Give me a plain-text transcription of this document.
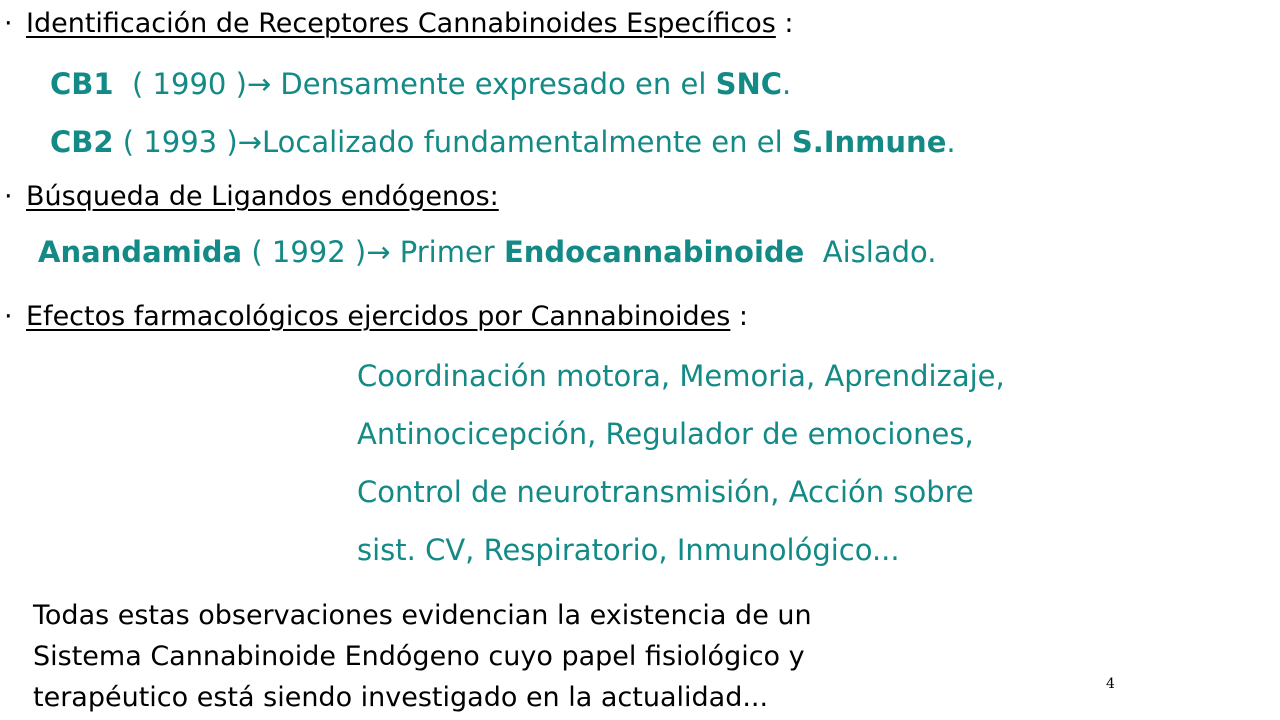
· Identificación de Receptores Cannabinoides Específicos :
CB1  ( 1990 )→ Densamente expresado en el SNC.
CB2 ( 1993 )→Localizado fundamentalmente en el S.Inmune.
· Búsqueda de Ligandos endógenos:
Anandamida ( 1992 )→ Primer Endocannabinoide  Aislado.
· Efectos farmacológicos ejercidos por Cannabinoides :
Coordinación motora, Memoria, Aprendizaje,
Antinocicepción, Regulador de emociones,
Control de neurotransmisión, Acción sobre
sist. CV, Respiratorio, Inmunológico...
Todas estas observaciones evidencian la existencia de un
Sistema Cannabinoide Endógeno cuyo papel fisiológico y
terapéutico está siendo investigado en la actualidad...	4
